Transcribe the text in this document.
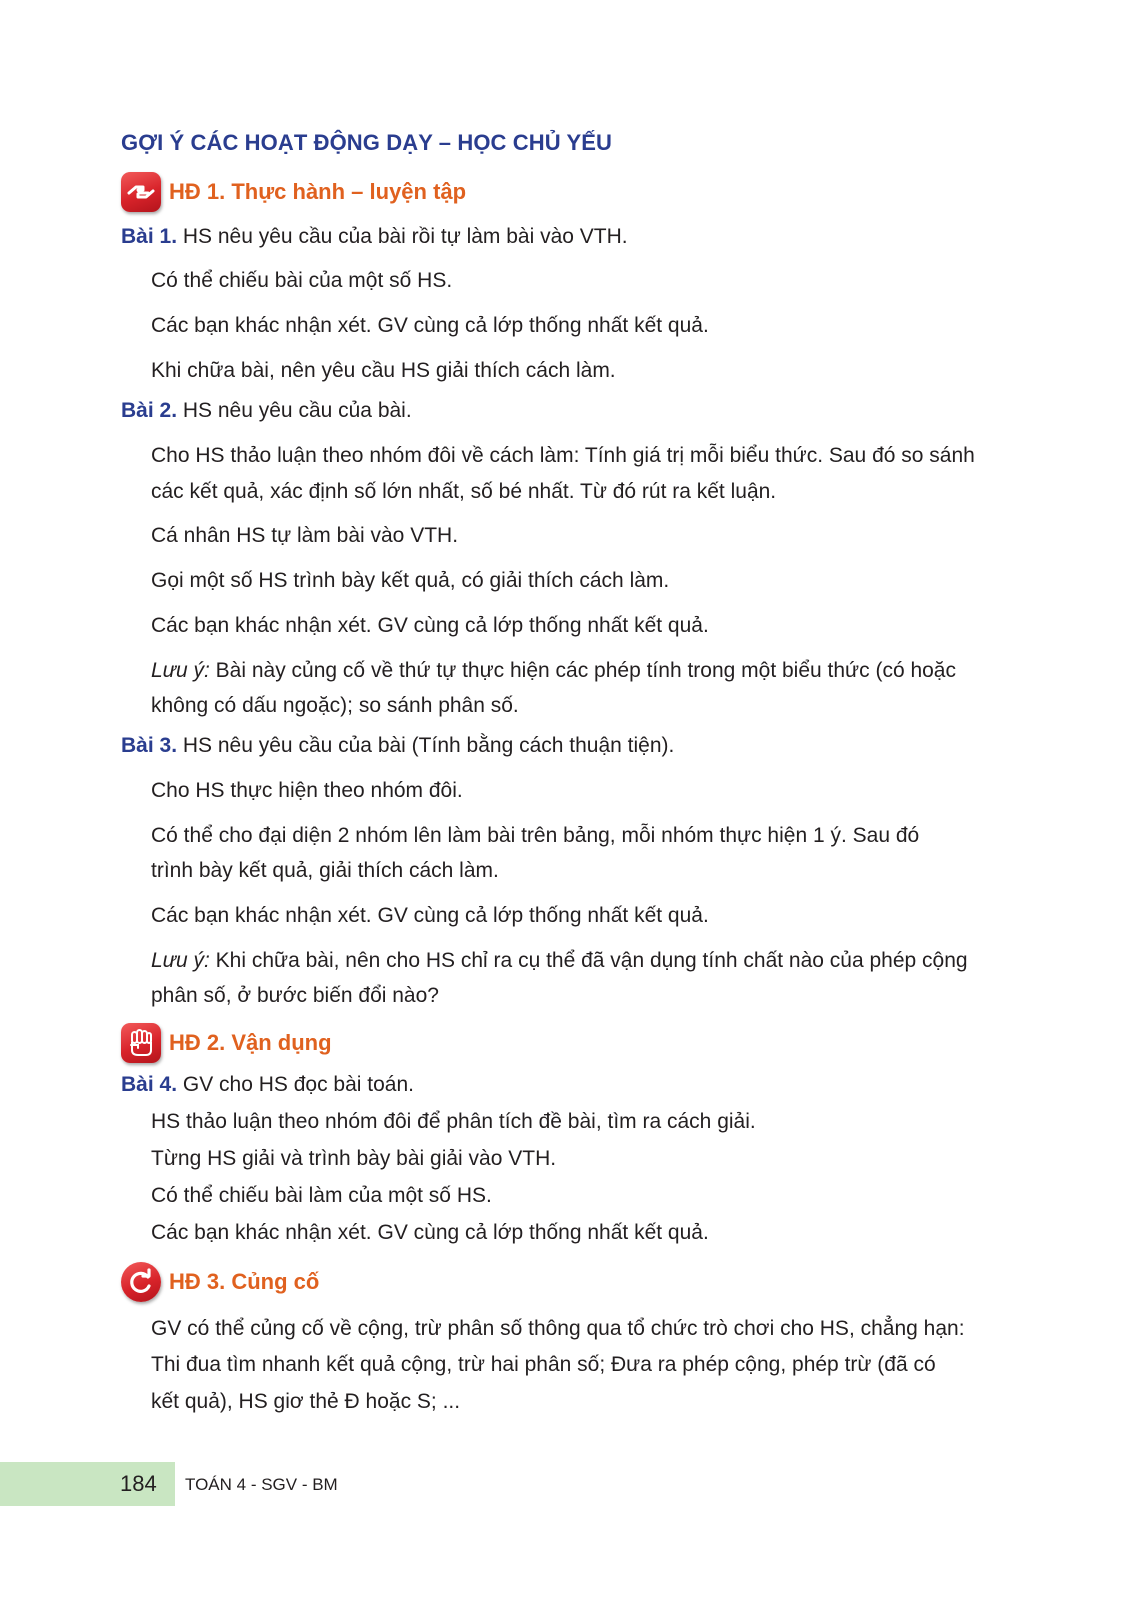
GỢI Ý CÁC HOẠT ĐỘNG DẠY – HỌC CHỦ YẾU
HĐ 1. Thực hành – luyện tập
Bài 1. HS nêu yêu cầu của bài rồi tự làm bài vào VTH.
Có thể chiếu bài của một số HS.
Các bạn khác nhận xét. GV cùng cả lớp thống nhất kết quả.
Khi chữa bài, nên yêu cầu HS giải thích cách làm.
Bài 2. HS nêu yêu cầu của bài.
Cho HS thảo luận theo nhóm đôi về cách làm: Tính giá trị mỗi biểu thức. Sau đó so sánh
các kết quả, xác định số lớn nhất, số bé nhất. Từ đó rút ra kết luận.
Cá nhân HS tự làm bài vào VTH.
Gọi một số HS trình bày kết quả, có giải thích cách làm.
Các bạn khác nhận xét. GV cùng cả lớp thống nhất kết quả.
Lưu ý: Bài này củng cố về thứ tự thực hiện các phép tính trong một biểu thức (có hoặc
không có dấu ngoặc); so sánh phân số.
Bài 3. HS nêu yêu cầu của bài (Tính bằng cách thuận tiện).
Cho HS thực hiện theo nhóm đôi.
Có thể cho đại diện 2 nhóm lên làm bài trên bảng, mỗi nhóm thực hiện 1 ý. Sau đó
trình bày kết quả, giải thích cách làm.
Các bạn khác nhận xét. GV cùng cả lớp thống nhất kết quả.
Lưu ý: Khi chữa bài, nên cho HS chỉ ra cụ thể đã vận dụng tính chất nào của phép cộng
phân số, ở bước biến đổi nào?
HĐ 2. Vận dụng
Bài 4. GV cho HS đọc bài toán.
HS thảo luận theo nhóm đôi để phân tích đề bài, tìm ra cách giải.
Từng HS giải và trình bày bài giải vào VTH.
Có thể chiếu bài làm của một số HS.
Các bạn khác nhận xét. GV cùng cả lớp thống nhất kết quả.
HĐ 3. Củng cố
GV có thể củng cố về cộng, trừ phân số thông qua tổ chức trò chơi cho HS, chẳng hạn:
Thi đua tìm nhanh kết quả cộng, trừ hai phân số; Đưa ra phép cộng, phép trừ (đã có
kết quả), HS giơ thẻ Đ hoặc S; ...
184 TOÁN 4 - SGV - BM
